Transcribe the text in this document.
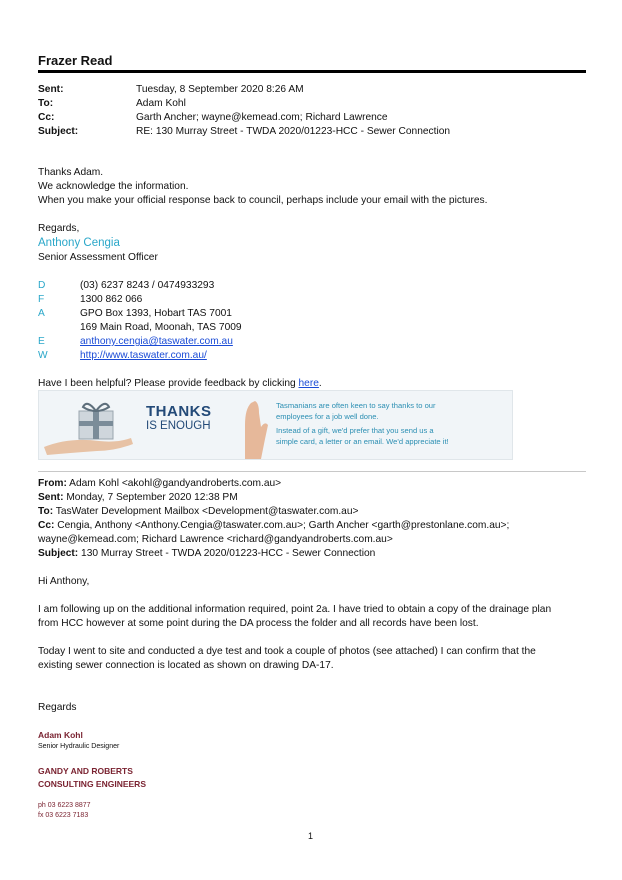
Frazer Read
Sent:	Tuesday, 8 September 2020 8:26 AM
To:	Adam Kohl
Cc:	Garth Ancher; wayne@kemead.com; Richard Lawrence
Subject:	RE: 130 Murray Street - TWDA 2020/01223-HCC - Sewer Connection
Thanks Adam.
We acknowledge the information.
When you make your official response back to council, perhaps include your email with the pictures.
Regards,
Anthony Cengia
Senior Assessment Officer
D	(03) 6237 8243 / 0474933293
F	1300 862 066
A	GPO Box 1393, Hobart TAS 7001
169 Main Road, Moonah, TAS 7009
E	anthony.cengia@taswater.com.au
W	http://www.taswater.com.au/
Have I been helpful? Please provide feedback by clicking here.
THANKS
IS ENOUGH
Tasmanians are often keen to say thanks to our
employees for a job well done.
Instead of a gift, we'd prefer that you send us a
simple card, a letter or an email. We'd appreciate it!
From: Adam Kohl <akohl@gandyandroberts.com.au>
Sent: Monday, 7 September 2020 12:38 PM
To: TasWater Development Mailbox <Development@taswater.com.au>
Cc: Cengia, Anthony <Anthony.Cengia@taswater.com.au>; Garth Ancher <garth@prestonlane.com.au>;
wayne@kemead.com; Richard Lawrence <richard@gandyandroberts.com.au>
Subject: 130 Murray Street - TWDA 2020/01223-HCC - Sewer Connection
Hi Anthony,
I am following up on the additional information required, point 2a. I have tried to obtain a copy of the drainage plan
from HCC however at some point during the DA process the folder and all records have been lost.
Today I went to site and conducted a dye test and took a couple of photos (see attached) I can confirm that the
existing sewer connection is located as shown on drawing DA-17.
Regards
Adam Kohl
Senior Hydraulic Designer
GANDY AND ROBERTS
CONSULTING ENGINEERS
ph 03 6223 8877
fx 03 6223 7183
1
